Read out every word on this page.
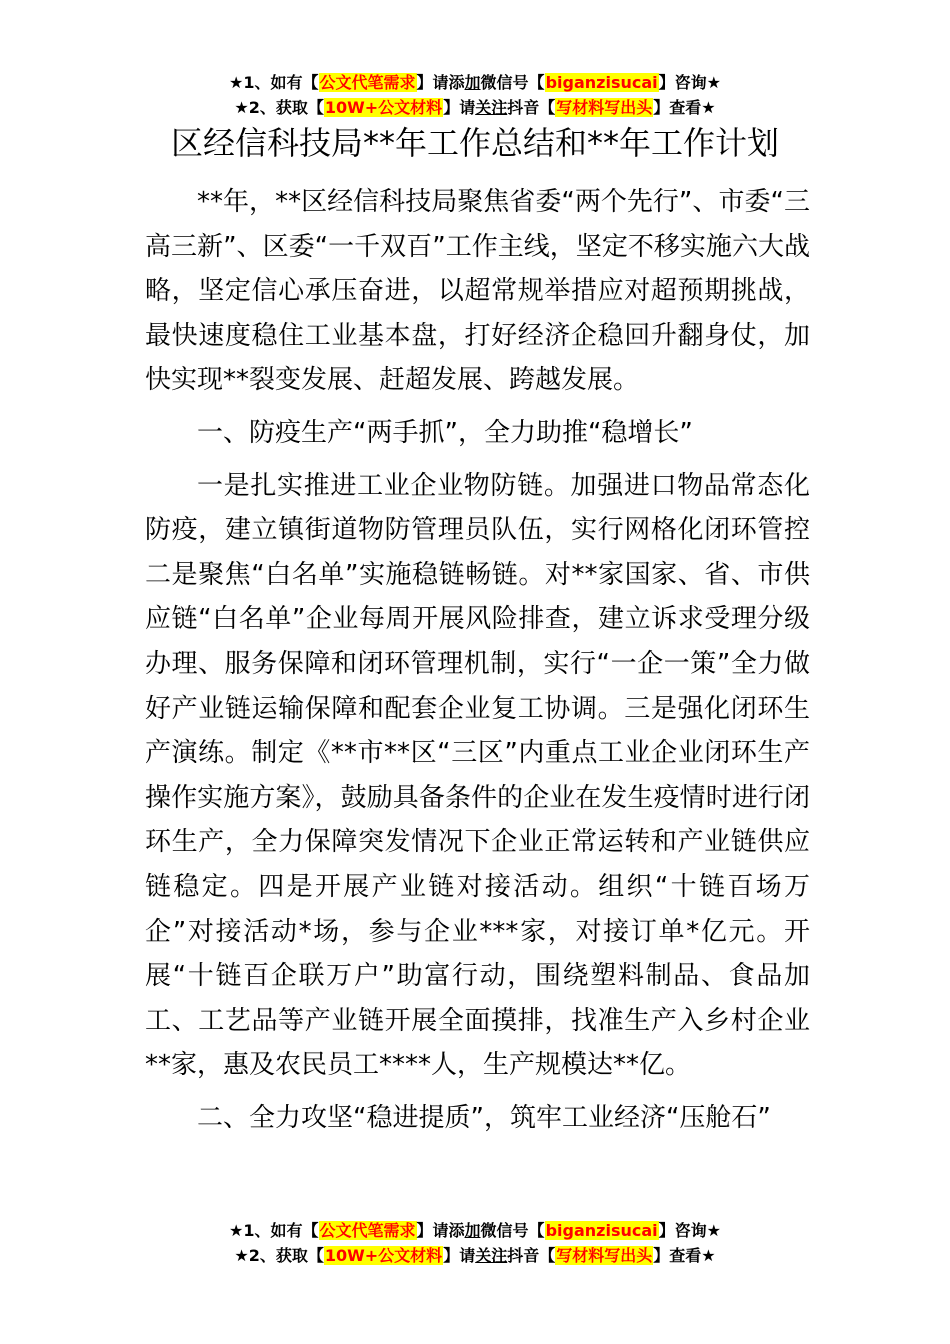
★1、如有【公文代笔需求】请添加微信号【biganzisucai】咨询★
★2、获取【10W+公文材料】请关注抖音【写材料写出头】查看★
区经信科技局**年工作总结和**年工作计划

**年，**区经信科技局聚焦省委“两个先行”、市委“三高三新”、区委“一千双百”工作主线，坚定不移实施六大战略，坚定信心承压奋进，以超常规举措应对超预期挑战，最快速度稳住工业基本盘，打好经济企稳回升翻身仗，加快实现**裂变发展、赶超发展、跨越发展。

一、防疫生产“两手抓”，全力助推“稳增长”

一是扎实推进工业企业物防链。加强进口物品常态化防疫，建立镇街道物防管理员队伍，实行网格化闭环管控二是聚焦“白名单”实施稳链畅链。对**家国家、省、市供应链“白名单”企业每周开展风险排查，建立诉求受理分级办理、服务保障和闭环管理机制，实行“一企一策”全力做好产业链运输保障和配套企业复工协调。三是强化闭环生产演练。制定《**市**区“三区”内重点工业企业闭环生产操作实施方案》，鼓励具备条件的企业在发生疫情时进行闭环生产，全力保障突发情况下企业正常运转和产业链供应链稳定。四是开展产业链对接活动。组织“十链百场万企”对接活动*场，参与企业***家，对接订单*亿元。开展“十链百企联万户”助富行动，围绕塑料制品、食品加工、工艺品等产业链开展全面摸排，找准生产入乡村企业**家，惠及农民员工****人，生产规模达**亿。

二、全力攻坚“稳进提质”，筑牢工业经济“压舱石”

★1、如有【公文代笔需求】请添加微信号【biganzisucai】咨询★
★2、获取【10W+公文材料】请关注抖音【写材料写出头】查看★
